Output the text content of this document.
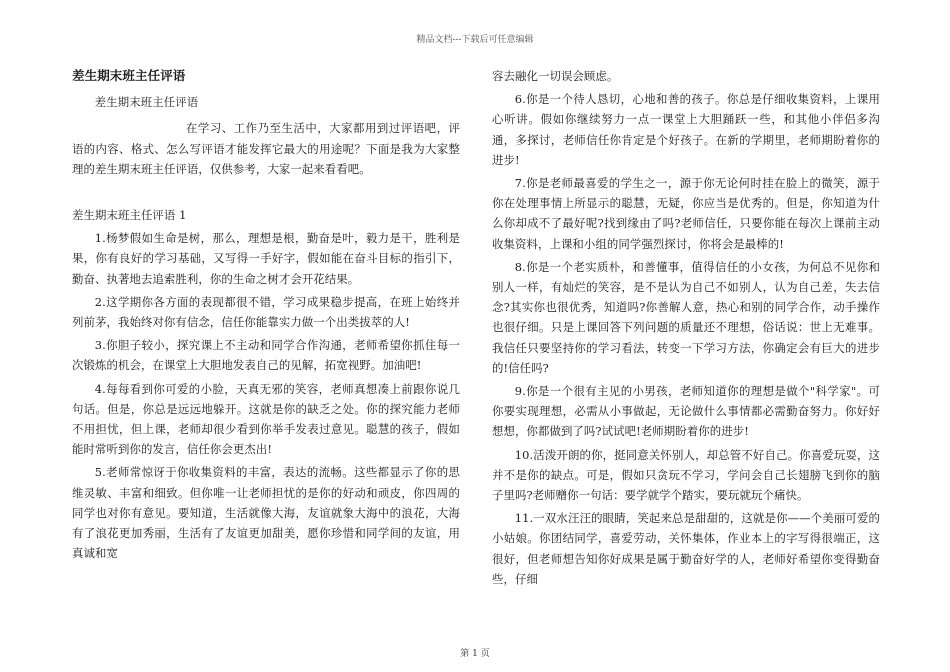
精品文档---下载后可任意编辑

差生期末班主任评语

差生期末班主任评语

在学习、工作乃至生活中，大家都用到过评语吧，评语的内容、格式、怎么写评语才能发挥它最大的用途呢？下面是我为大家整理的差生期末班主任评语，仅供参考，大家一起来看看吧。

差生期末班主任评语 1

1.杨梦假如生命是树，那么，理想是根，勤奋是叶，毅力是干，胜利是果，你有良好的学习基础，又写得一手好字，假如能在奋斗目标的指引下，勤奋、执著地去追索胜利，你的生命之树才会开花结果。

2.这学期你各方面的表现都很不错，学习成果稳步提高，在班上始终并列前茅，我始终对你有信念，信任你能靠实力做一个出类拔萃的人!

3.你胆子较小，探究课上不主动和同学合作沟通，老师希望你抓住每一次锻炼的机会，在课堂上大胆地发表自己的见解，拓宽视野。加油吧!

4.每每看到你可爱的小脸，天真无邪的笑容，老师真想凑上前跟你说几句话。但是，你总是远远地躲开。这就是你的缺乏之处。你的探究能力老师不用担忧，但上课，老师却很少看到你举手发表过意见。聪慧的孩子，假如能时常听到你的发言，信任你会更杰出!

5.老师常惊讶于你收集资料的丰富，表达的流畅。这些都显示了你的思维灵敏、丰富和细致。但你唯一让老师担忧的是你的好动和顽皮，你四周的同学也对你有意见。要知道，生活就像大海，友谊就象大海中的浪花，大海有了浪花更加秀丽，生活有了友谊更加甜美，愿你珍惜和同学间的友谊，用真诚和宽

容去融化一切误会顾虑。

6.你是一个待人恳切，心地和善的孩子。你总是仔细收集资料，上课用心听讲。假如你继续努力一点一课堂上大胆踊跃一些，和其他小伴侣多沟通，多探讨，老师信任你肯定是个好孩子。在新的学期里，老师期盼着你的进步!

7.你是老师最喜爱的学生之一，源于你无论何时挂在脸上的微笑，源于你在处理事情上所显示的聪慧，无疑，你应当是优秀的。但是，你知道为什么你却成不了最好呢?找到缘由了吗?老师信任，只要你能在每次上课前主动收集资料，上课和小组的同学强烈探讨，你将会是最棒的!

8.你是一个老实质朴，和善懂事，值得信任的小女孩，为何总不见你和别人一样，有灿烂的笑容，是不是认为自己不如别人，认为自己差，失去信念?其实你也很优秀，知道吗?你善解人意，热心和别的同学合作，动手操作也很仔细。只是上课回答下列问题的质量还不理想，俗话说：世上无难事。我信任只要坚持你的学习看法，转变一下学习方法，你确定会有巨大的进步的!信任吗?

9.你是一个很有主见的小男孩，老师知道你的理想是做个"科学家"。可你要实现理想，必需从小事做起，无论做什么事情都必需勤奋努力。你好好想想，你都做到了吗?试试吧!老师期盼着你的进步!

10.活泼开朗的你，挺同意关怀别人，却总管不好自己。你喜爱玩耍，这并不是你的缺点。可是，假如只贪玩不学习，学问会自己长翅膀飞到你的脑子里吗?老师赠你一句话：要学就学个踏实，要玩就玩个痛快。

11.一双水汪汪的眼睛，笑起来总是甜甜的，这就是你——个美丽可爱的小姑娘。你团结同学，喜爱劳动，关怀集体，作业本上的字写得很端正，这很好，但老师想告知你好成果是属于勤奋好学的人，老师好希望你变得勤奋些，仔细

第 1 页
